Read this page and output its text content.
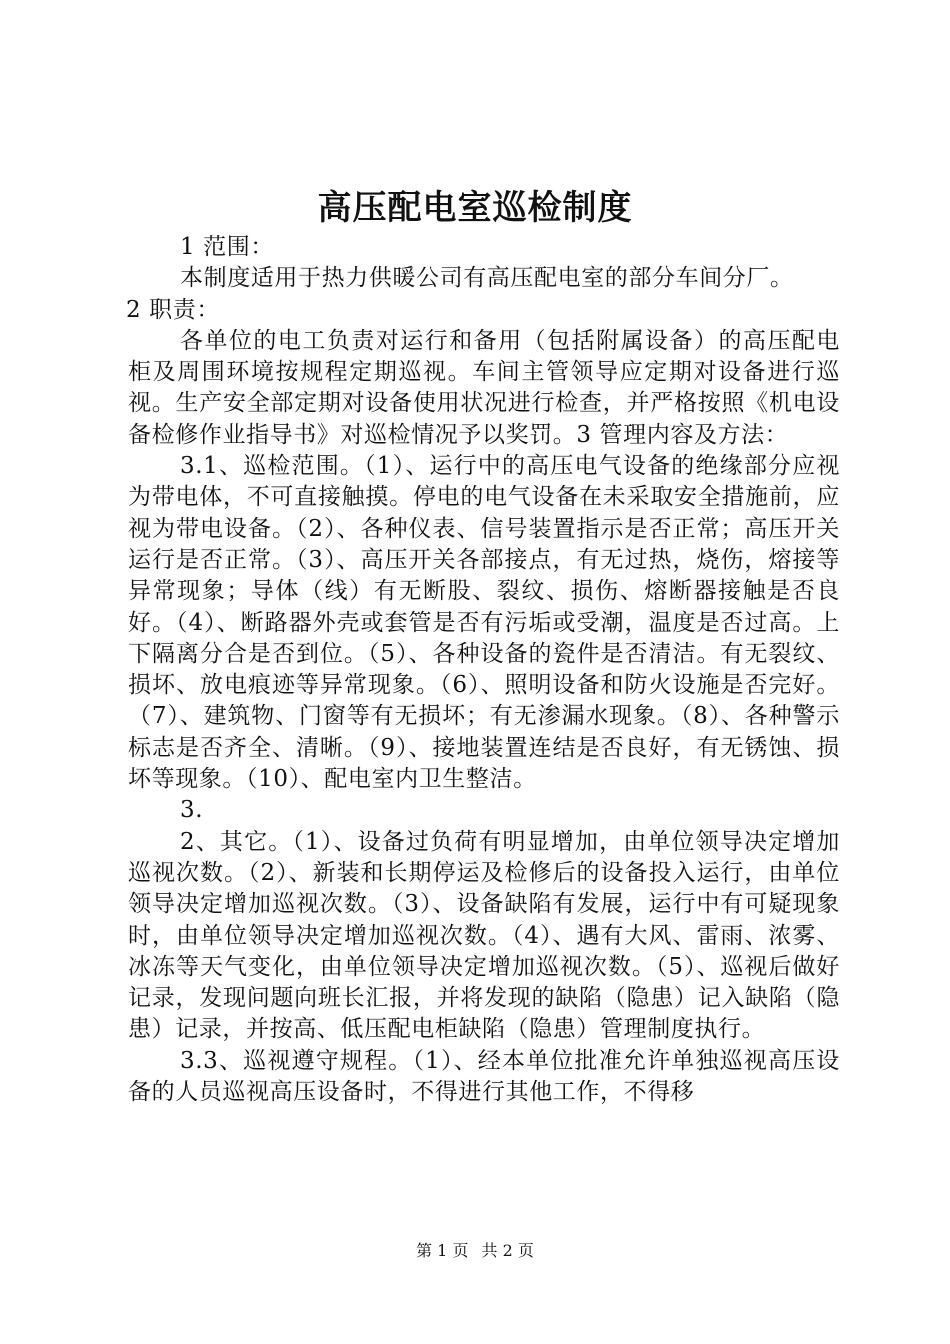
高压配电室巡检制度

1 范围：

本制度适用于热力供暖公司有高压配电室的部分车间分厂。

2 职责：

各单位的电工负责对运行和备用（包括附属设备）的高压配电柜及周围环境按规程定期巡视。车间主管领导应定期对设备进行巡视。生产安全部定期对设备使用状况进行检查，并严格按照《机电设备检修作业指导书》对巡检情况予以奖罚。3 管理内容及方法：

3.1、巡检范围。（1）、运行中的高压电气设备的绝缘部分应视为带电体，不可直接触摸。停电的电气设备在未采取安全措施前，应视为带电设备。（2）、各种仪表、信号装置指示是否正常；高压开关运行是否正常。（3）、高压开关各部接点，有无过热，烧伤，熔接等异常现象；导体（线）有无断股、裂纹、损伤、熔断器接触是否良好。（4）、断路器外壳或套管是否有污垢或受潮，温度是否过高。上下隔离分合是否到位。（5）、各种设备的瓷件是否清洁。有无裂纹、损坏、放电痕迹等异常现象。（6）、照明设备和防火设施是否完好。（7）、建筑物、门窗等有无损坏；有无渗漏水现象。（8）、各种警示标志是否齐全、清晰。（9）、接地装置连结是否良好，有无锈蚀、损坏等现象。（10）、配电室内卫生整洁。

3.

2、其它。（1）、设备过负荷有明显增加，由单位领导决定增加巡视次数。（2）、新装和长期停运及检修后的设备投入运行，由单位领导决定增加巡视次数。（3）、设备缺陷有发展，运行中有可疑现象时，由单位领导决定增加巡视次数。（4）、遇有大风、雷雨、浓雾、冰冻等天气变化，由单位领导决定增加巡视次数。（5）、巡视后做好记录，发现问题向班长汇报，并将发现的缺陷（隐患）记入缺陷（隐患）记录，并按高、低压配电柜缺陷（隐患）管理制度执行。

3.3、巡视遵守规程。（1）、经本单位批准允许单独巡视高压设备的人员巡视高压设备时，不得进行其他工作，不得移

第 1 页 共 2 页
